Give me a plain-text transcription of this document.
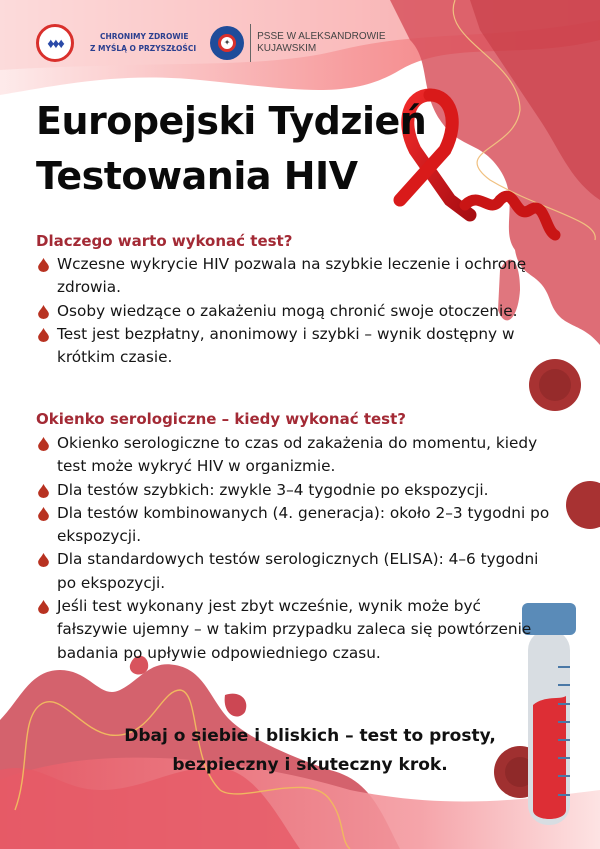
♦♦♦	CHRONIMY ZDROWIE
Z MYŚLĄ O PRZYSZŁOŚCI
✦
PSSE W ALEKSANDROWIE
KUJAWSKIM
Europejski Tydzień
Testowania HIV
Dlaczego warto wykonać test?
Wczesne wykrycie HIV pozwala na szybkie leczenie i ochronę zdrowia.
Osoby wiedzące o zakażeniu mogą chronić swoje otoczenie.
Test jest bezpłatny, anonimowy i szybki – wynik dostępny w krótkim czasie.
Okienko serologiczne – kiedy wykonać test?
Okienko serologiczne to czas od zakażenia do momentu, kiedy test może wykryć HIV w organizmie.
Dla testów szybkich: zwykle 3–4 tygodnie po ekspozycji.
Dla testów kombinowanych (4. generacja): około 2–3 tygodni po ekspozycji.
Dla standardowych testów serologicznych (ELISA): 4–6 tygodni po ekspozycji.
Jeśli test wykonany jest zbyt wcześnie, wynik może być fałszywie ujemny – w takim przypadku zaleca się powtórzenie badania po upływie odpowiedniego czasu.
Dbaj o siebie i bliskich – test to prosty,
bezpieczny i skuteczny krok.
